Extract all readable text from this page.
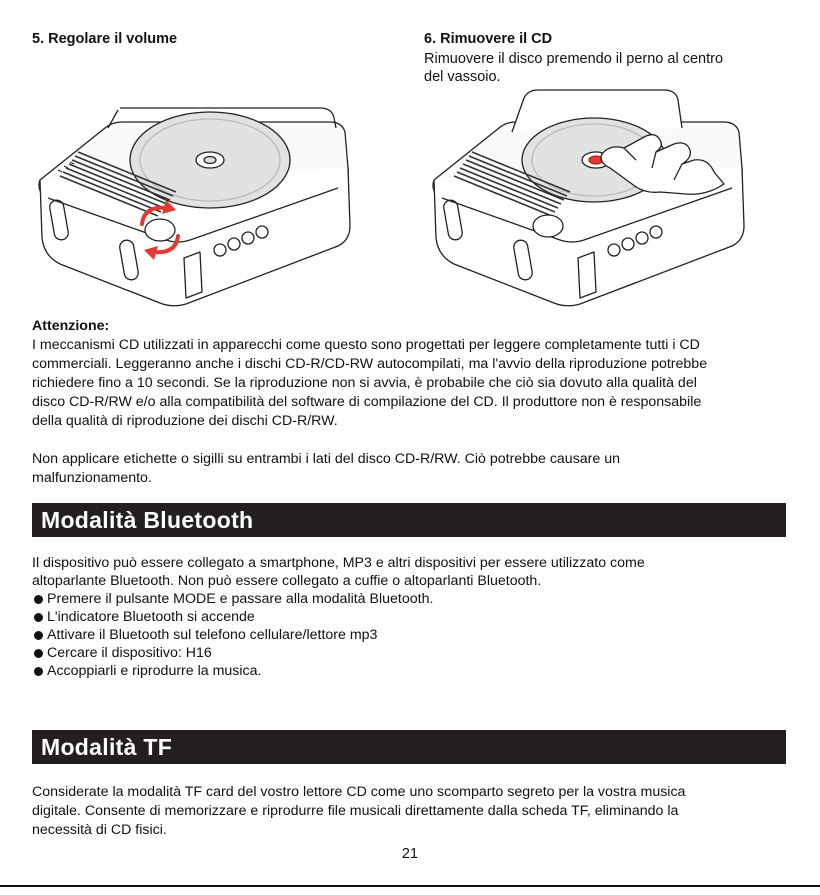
5. Regolare il volume	6. Rimuovere il CD
Rimuovere il disco premendo il perno al centro
del vassoio.
Attenzione:

I meccanismi CD utilizzati in apparecchi come questo sono progettati per leggere completamente tutti i CD
commerciali. Leggeranno anche i dischi CD-R/CD-RW autocompilati, ma l'avvio della riproduzione potrebbe
richiedere fino a 10 secondi. Se la riproduzione non si avvia, è probabile che ciò sia dovuto alla qualità del
disco CD-R/RW e/o alla compatibilità del software di compilazione del CD. Il produttore non è responsabile
della qualità di riproduzione dei dischi CD-R/RW.

Non applicare etichette o sigilli su entrambi i lati del disco CD-R/RW. Ciò potrebbe causare un
malfunzionamento.

Modalità Bluetooth
Il dispositivo può essere collegato a smartphone, MP3 e altri dispositivi per essere utilizzato come
altoparlante Bluetooth. Non può essere collegato a cuffie o altoparlanti Bluetooth.
Premere il pulsante MODE e passare alla modalità Bluetooth.
L'indicatore Bluetooth si accende
Attivare il Bluetooth sul telefono cellulare/lettore mp3
Cercare il dispositivo: H16
Accoppiarli e riprodurre la musica.
Modalità TF
Considerate la modalità TF card del vostro lettore CD come uno scomparto segreto per la vostra musica
digitale. Consente di memorizzare e riprodurre file musicali direttamente dalla scheda TF, eliminando la
necessità di CD fisici.
21
